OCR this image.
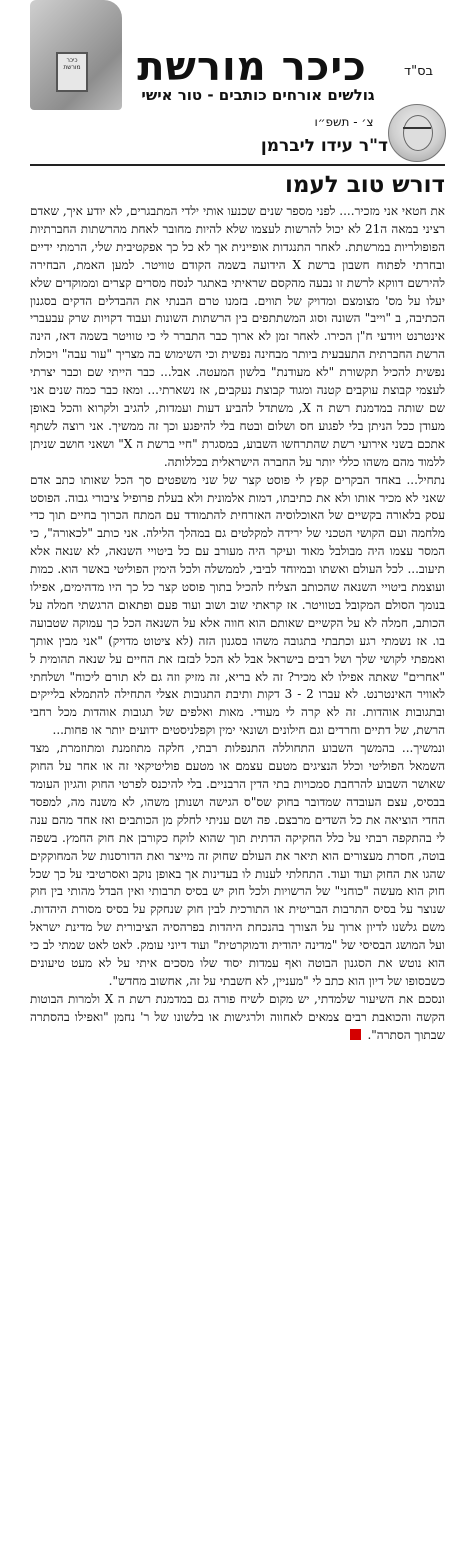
כיכר מורשת	כיכר מורשת
גולשים אורחים כותבים - טור אישי
בס"ד
צ׳ - תשפ״ו
ד"ר עידו ליברמן
דורש טוב לעמו

את חטאי אני מזכיר.... לפני מספר שנים שכנעו אותי ילדי המתבגרים, לא יודע איך, שאדם רציני במאה ה21 לא יכול להרשות לעצמו שלא להיות מחובר לאחת מהרשתות החברתיות הפופולריות במרשתת. לאחר התנגדות אופיינית אך לא כל כך אפקטיבית שלי, הרמתי ידיים ובחרתי לפתוח חשבון ברשת X הידועה בשמה הקודם טוויטר. למען האמת, הבחירה להירשם דווקא לרשת זו נבעה מהקסם שראיתי באתגר לנסח מסרים קצרים וממוקדים שלא יעלו על מס' מצומצם ומדויק של תווים. בזמנו טרם הבנתי את ההבדלים הדקים בסגנון הכתיבה, ב "וייב" השונה וסוג המשתתפים בין הרשתות השונות ועבוד דקויות שרק עבעברי אינטרנט ויודעי ח"ן הכירו. לאחר זמן לא ארוך כבר התברר לי כי טוויטר בשמה דאז, הינה הרשת החברתית התעבעית ביותר מבחינה נפשית וכי השימוש בה מצריך "עור עבה" ויכולת נפשית להכיל תקשורת "לא מעודנת" בלשון המעטה. אבל... כבר הייתי שם וכבר יצרתי לעצמי קבוצת עוקבים קטנה ומגוד קבוצת נעקבים, אז נשארתי... ומאז כבר כמה שנים אני שם שותה במדמנת רשת ה X, משתדל להביע דעות ועמדות, להגיב ולקרוא והכל באופן מעודן ככל הניתן בלי לפגוע חס ושלום ובטח בלי להיפגע וכך זה ממשיך. אני רוצה לשתף אתכם בשני אירועי רשת שהתרחשו השבוע, במסגרת "חיי ברשת ה X" ושאני חושב שניתן ללמוד מהם משהו כללי יותר על החברה הישראלית בכללותה.

נתחיל... באחד הבקרים קפץ לי פוסט קצר של שני משפטים סך הכל שאותו כתב אדם שאני לא מכיר אותו ולא את כתיבתו, דמות אלמונית ולא בעלת פרופיל ציבורי גבוה. הפוסט עסק בלאורה בקשיים של האוכלוסיה האזרחית להתמודד עם המתח הכרוך בחיים תוך כדי מלחמה ועם הקושי הטכני של ירידה למקלטים גם במהלך הלילה. אני כותב "לכאורה", כי המסר עצמו היה מבולבל מאוד ועיקר היה מעורב עם כל ביטויי השנאה, לא שנאה אלא תיעוב... לכל העולם ואשתו ובמיוחד לביבי, לממשלה ולכל הימין הפוליטי באשר הוא. כמות ועוצמת ביטויי השנאה שהכותב הצליח להכיל בתוך פוסט קצר כל כך היו מדהימים, אפילו בנומך הסולם המקובל בטוויטר. אז קראתי שוב ושוב ועוד פעם ופתאום הרגשתי חמלה על הכותב, חמלה לא על הקשיים שאותם הוא חווה אלא על השנאה הכל כך עמוקה שטבועה בו. אז נשמתי רגע וכתבתי בתגובה משהו בסגנון הזה (לא ציטוט מדויק) "אני מבין אותך ואמפתי לקושי שלך ושל רבים בישראל אבל לא הכל לבזבז את החיים על שנאה תהומית ל "אחרים" שאתה אפילו לא מכיר? זה לא בריא, זה מזיק וזה גם לא תורם ליכוח" ושלחתי לאוויר האינטרנט. לא עברו 2 - 3 דקות ותיבת התגובות אצלי התחילה להתמלא בלייקים ובתגובות אוהדות. זה לא קרה לי מעודי. מאות ואלפים של תגובות אוהדות מכל רחבי הרשת, של דתיים וחרדים וגם חילונים ושונאי ימין וקפלניסטים ידועים יותר או פחות...

ונמשיך... בהמשך השבוע התחוללה התנפלות רבתי, חלקה מתוזמנת ומתוזמרת, מצד השמאל הפוליטי וכלל הנציגים מטעם עצמם או מטעם פוליטיקאי זה או אחר על החוק שאושר השבוע להרחבת סמכויות בתי הדין הרבניים. בלי להיכנס לפרטי החוק והגיון העומד בבסיס, עצם העובדה שמדובר בחוק שס"ס הגישה ושנותן משהו, לא משנה מה, למפסד החדי הוציאה את כל השדים מרבצם. פה ושם עניתי לחלק מן הכותבים ואז אחד מהם ענה לי בהתקפה רבתי על כלל החקיקה הדתית תוך שהוא לוקח כקורבן את חוק החמץ. בשפה בוטה, חסרת מעצורים הוא תיאר את העולם שחוק זה מייצר ואת הדורסנות של המחוקקים שהגו את החוק ועוד ועוד. התחלתי לענות לו בעדינות אך באופן נוקב ואסרטיבי על כך שכל חוק הוא מעשה "כוחני" של הרשויות ולכל חוק יש בסיס תרבותי ואין הבדל מהותי בין חוק שנוצר על בסיס התרבות הבריטית או התורכית לבין חוק שנחקק על בסיס מסורת היהדות. משם גלשנו לדיון ארוך על הצורך בהנכחת היהדות בפרהסיה הציבורית של מדינת ישראל ועל המושג הבסיסי של "מדינה יהודית ודמוקרטית" ועוד דיוני עומק. לאט לאט שמתי לב כי הוא נוטש את הסגנון הבוטה ואף עמדות יסוד שלו מסכים איתי על לא מעט טיעונים כשבסופו של דיון הוא כתב לי "מעניין, לא חשבתי על זה, אחשוב מחדש".

ונסכם את השיעור שלמדתי, יש מקום לשיח פורה גם במדמנת רשת ה X ולמרות הבוטות הקשה והכואבת רבים צמאים לאחווה ולרגישות או בלשונו של ר' נחמן "ואפילו בהסתרה שבתוך הסתרה".
